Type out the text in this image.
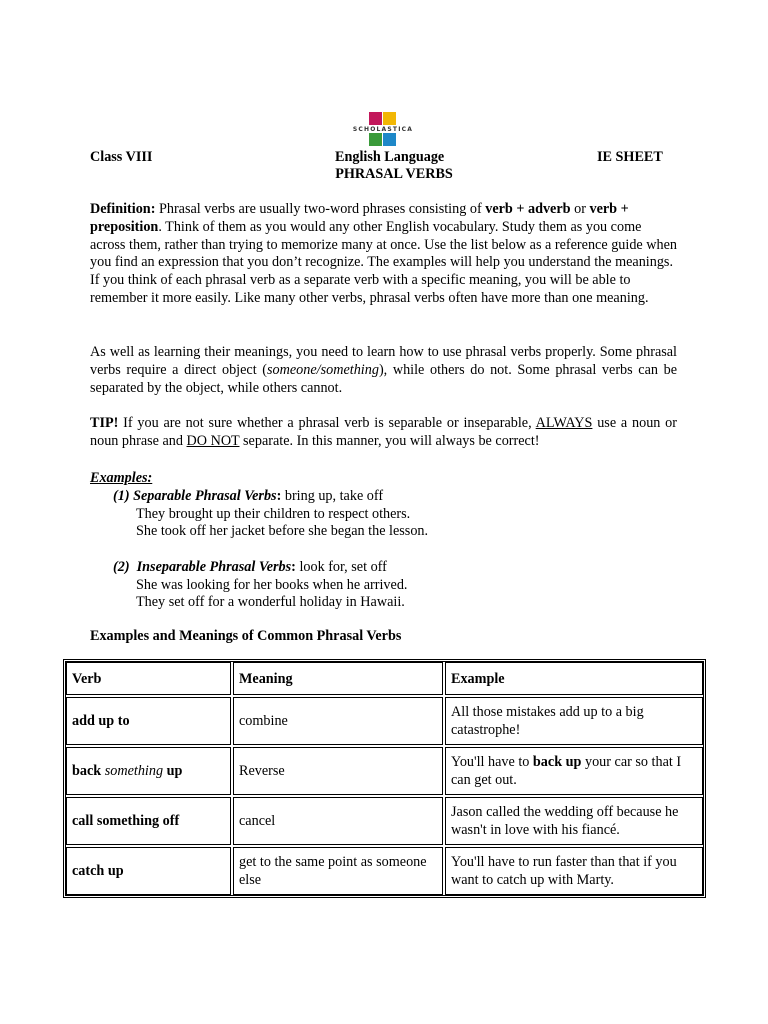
SCHOLASTICA
Class VIII	English Language	IE SHEET
PHRASAL VERBS

Definition: Phrasal verbs are usually two-word phrases consisting of verb + adverb or verb + preposition. Think of them as you would any other English vocabulary. Study them as you come across them, rather than trying to memorize many at once. Use the list below as a reference guide when you find an expression that you don’t recognize. The examples will help you understand the meanings. If you think of each phrasal verb as a separate verb with a specific meaning, you will be able to remember it more easily. Like many other verbs, phrasal verbs often have more than one meaning.

As well as learning their meanings, you need to learn how to use phrasal verbs properly. Some phrasal verbs require a direct object (someone/something), while others do not. Some phrasal verbs can be separated by the object, while others cannot.

TIP! If you are not sure whether a phrasal verb is separable or inseparable, ALWAYS use a noun or noun phrase and DO NOT separate. In this manner, you will always be correct!

Examples:
(1) Separable Phrasal Verbs: bring up, take off
They brought up their children to respect others.
She took off her jacket before she began the lesson.
(2) Inseparable Phrasal Verbs: look for, set off
She was looking for her books when he arrived.
They set off for a wonderful holiday in Hawaii.
Examples and Meanings of Common Phrasal Verbs
Verb	Meaning	Example
add up to	combine	All those mistakes add up to a big catastrophe!
back something up	Reverse	You'll have to back up your car so that I can get out.
call something off	cancel	Jason called the wedding off because he wasn't in love with his fiancé.
catch up	get to the same point as someone else	You'll have to run faster than that if you want to catch up with Marty.
